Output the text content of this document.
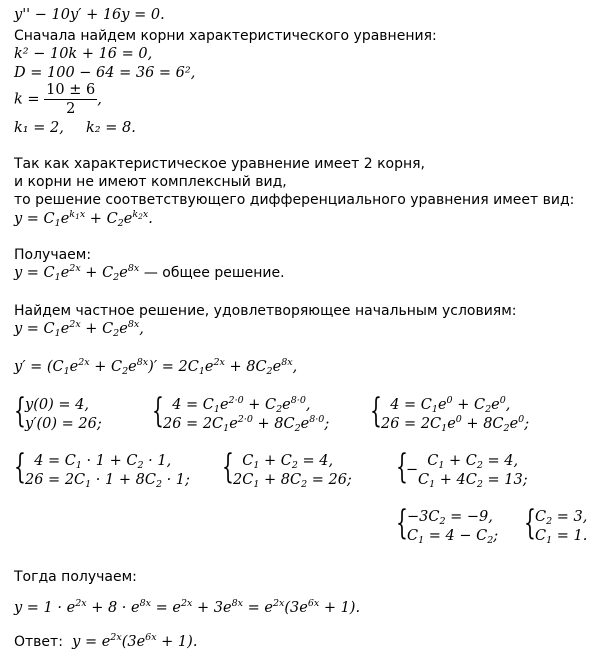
y'' − 10y′ + 16y = 0.
Сначала найдем корни характеристического уравнения:
k² − 10k + 16 = 0,
D = 100 − 64 = 36 = 6²,
$k = \frac{10 \pm 6}{2}$ ,
k₁ = 2, k₂ = 8.
Так как характеристическое уравнение имеет 2 корня,
и корни не имеют комплексный вид,
то решение соответствующего дифференциального уравнения имеет вид:
$y = C_1e^{k_1x} + C_2e^{k_2x}$.
Получаем:
$y = C_1e^{2x} + C_2e^{8x}$ — общее решение.
Найдем частное решение, удовлетворяющее начальным условиям:
$y = C_1e^{2x} + C_2e^{8x}$,
$y' = (C_1e^{2x} + C_2e^{8x})' = 2C_1e^{2x} + 8C_2e^{8x}$,
{ y(0) = 4,
y′(0) = 26; { $4 = C_1e^{2\cdot 0} + C_2e^{8\cdot 0}$,
$26 = 2C_1e^{2\cdot 0} + 8C_2e^{8\cdot 0}$; { $4 = C_1e^0 + C_2e^0$,
$26 = 2C_1e^0 + 8C_2e^0$;
{ $4 = C_1 \cdot 1 + C_2 \cdot 1$,
$26 = 2C_1 \cdot 1 + 8C_2 \cdot 1$; { $C_1 + C_2 = 4$,
$2C_1 + 8C_2 = 26$; {
−
$C_1 + C_2 = 4$,
$C_1 + 4C_2 = 13$;
{ $-3C_2 = -9$,
$C_1 = 4 - C_2$; { $C_2 = 3$,
$C_1 = 1$.
Тогда получаем:
$y = 1 \cdot e^{2x} + 8 \cdot e^{8x} = e^{2x} + 3e^{8x} = e^{2x}(3e^{6x} + 1)$.
Ответ:  $y = e^{2x}(3e^{6x} + 1)$.
